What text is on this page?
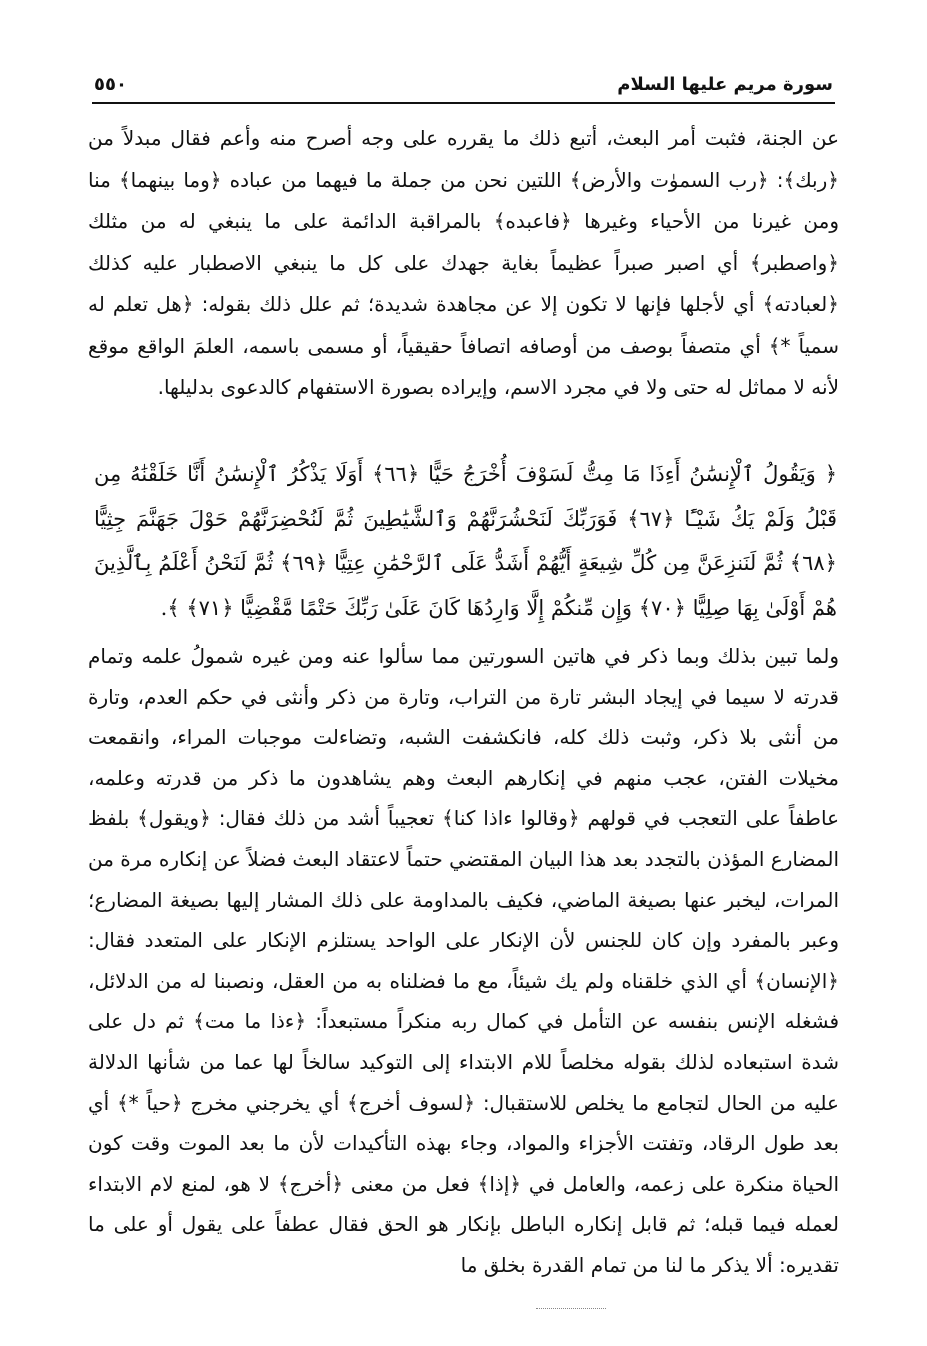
سورة مريم عليها السلام
٥٥٠

عن الجنة، فثبت أمر البعث، أتبع ذلك ما يقرره على وجه أصرح منه وأعم فقال مبدلاً من ﴿ربك﴾: ﴿رب السموٰت والأرض﴾ اللتين نحن من جملة ما فيهما من عباده ﴿وما بينهما﴾ منا ومن غيرنا من الأحياء وغيرها ﴿فاعبده﴾ بالمراقبة الدائمة على ما ينبغي له من مثلك ﴿واصطبر﴾ أي اصبر صبراً عظيماً بغاية جهدك على كل ما ينبغي الاصطبار عليه كذلك ﴿لعبادته﴾ أي لأجلها فإنها لا تكون إلا عن مجاهدة شديدة؛ ثم علل ذلك بقوله: ﴿هل تعلم له سمياً *﴾ أي متصفاً بوصف من أوصافه اتصافاً حقيقياً، أو مسمى باسمه، العلمَ الواقع موقع لأنه لا مماثل له حتى ولا في مجرد الاسم، وإيراده بصورة الاستفهام كالدعوى بدليلها.

﴿ وَيَقُولُ ٱلْإِنسَٰنُ أَءِذَا مَا مِتُّ لَسَوْفَ أُخْرَجُ حَيًّا ﴿٦٦﴾ أَوَلَا يَذْكُرُ ٱلْإِنسَٰنُ أَنَّا خَلَقْنَٰهُ مِن قَبْلُ وَلَمْ يَكُ شَيْـًٔا ﴿٦٧﴾ فَوَرَبِّكَ لَنَحْشُرَنَّهُمْ وَٱلشَّيَٰطِينَ ثُمَّ لَنُحْضِرَنَّهُمْ حَوْلَ جَهَنَّمَ جِثِيًّا ﴿٦٨﴾ ثُمَّ لَنَنزِعَنَّ مِن كُلِّ شِيعَةٍ أَيُّهُمْ أَشَدُّ عَلَى ٱلرَّحْمَٰنِ عِتِيًّا ﴿٦٩﴾ ثُمَّ لَنَحْنُ أَعْلَمُ بِٱلَّذِينَ هُمْ أَوْلَىٰ بِهَا صِلِيًّا ﴿٧٠﴾ وَإِن مِّنكُمْ إِلَّا وَارِدُهَا كَانَ عَلَىٰ رَبِّكَ حَتْمًا مَّقْضِيًّا ﴿٧١﴾ ﴾.

ولما تبين بذلك وبما ذكر في هاتين السورتين مما سألوا عنه ومن غيره شمولُ علمه وتمام قدرته لا سيما في إيجاد البشر تارة من التراب، وتارة من ذكر وأنثى في حكم العدم، وتارة من أنثى بلا ذكر، وثبت ذلك كله، فانكشفت الشبه، وتضاءلت موجبات المراء، وانقمعت مخيلات الفتن، عجب منهم في إنكارهم البعث وهم يشاهدون ما ذكر من قدرته وعلمه، عاطفاً على التعجب في قولهم ﴿وقالوا ءاذا كنا﴾ تعجيباً أشد من ذلك فقال: ﴿ويقول﴾ بلفظ المضارع المؤذن بالتجدد بعد هذا البيان المقتضي حتماً لاعتقاد البعث فضلاً عن إنكاره مرة من المرات، ليخبر عنها بصيغة الماضي، فكيف بالمداومة على ذلك المشار إليها بصيغة المضارع؛ وعبر بالمفرد وإن كان للجنس لأن الإنكار على الواحد يستلزم الإنكار على المتعدد فقال: ﴿الإنسان﴾ أي الذي خلقناه ولم يك شيئاً، مع ما فضلناه به من العقل، ونصبنا له من الدلائل، فشغله الإنس بنفسه عن التأمل في كمال ربه منكراً مستبعداً: ﴿ءذا ما مت﴾ ثم دل على شدة استبعاده لذلك بقوله مخلصاً للام الابتداء إلى التوكيد سالخاً لها عما من شأنها الدلالة عليه من الحال لتجامع ما يخلص للاستقبال: ﴿لسوف أخرج﴾ أي يخرجني مخرج ﴿حياً *﴾ أي بعد طول الرقاد، وتفتت الأجزاء والمواد، وجاء بهذه التأكيدات لأن ما بعد الموت وقت كون الحياة منكرة على زعمه، والعامل في ﴿إذا﴾ فعل من معنى ﴿أخرج﴾ لا هو، لمنع لام الابتداء لعمله فيما قبله؛ ثم قابل إنكاره الباطل بإنكار هو الحق فقال عطفاً على يقول أو على ما تقديره: ألا يذكر ما لنا من تمام القدرة بخلق ما
